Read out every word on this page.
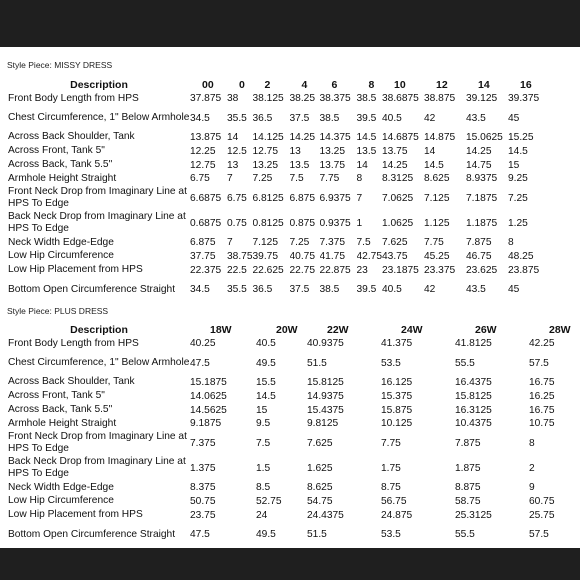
Style Piece: MISSY DRESS
Description	00	0	2	4	6	8	10	12	14	16
Front Body Length from HPS	37.875	38	38.125	38.25	38.375	38.5	38.6875	38.875	39.125	39.375
Chest Circumference, 1" Below Armhole	34.5	35.5	36.5	37.5	38.5	39.5	40.5	42	43.5	45
Across Back Shoulder, Tank	13.875	14	14.125	14.25	14.375	14.5	14.6875	14.875	15.0625	15.25
Across Front, Tank 5"	12.25	12.5	12.75	13	13.25	13.5	13.75	14	14.25	14.5
Across Back, Tank 5.5"	12.75	13	13.25	13.5	13.75	14	14.25	14.5	14.75	15
Armhole Height Straight	6.75	7	7.25	7.5	7.75	8	8.3125	8.625	8.9375	9.25
Front Neck Drop from Imaginary Line at HPS To Edge	6.6875	6.75	6.8125	6.875	6.9375	7	7.0625	7.125	7.1875	7.25
Back Neck Drop from Imaginary Line at HPS To Edge	0.6875	0.75	0.8125	0.875	0.9375	1	1.0625	1.125	1.1875	1.25
Neck Width Edge-Edge	6.875	7	7.125	7.25	7.375	7.5	7.625	7.75	7.875	8
Low Hip Circumference	37.75	38.75	39.75	40.75	41.75	42.75	43.75	45.25	46.75	48.25
Low Hip Placement from HPS	22.375	22.5	22.625	22.75	22.875	23	23.1875	23.375	23.625	23.875
Bottom Open Circumference Straight	34.5	35.5	36.5	37.5	38.5	39.5	40.5	42	43.5	45
Style Piece: PLUS DRESS
Description	18W	20W	22W	24W	26W	28W
Front Body Length from HPS	40.25	40.5	40.9375	41.375	41.8125	42.25
Chest Circumference, 1" Below Armhole	47.5	49.5	51.5	53.5	55.5	57.5
Across Back Shoulder, Tank	15.1875	15.5	15.8125	16.125	16.4375	16.75
Across Front, Tank 5"	14.0625	14.5	14.9375	15.375	15.8125	16.25
Across Back, Tank 5.5"	14.5625	15	15.4375	15.875	16.3125	16.75
Armhole Height Straight	9.1875	9.5	9.8125	10.125	10.4375	10.75
Front Neck Drop from Imaginary Line at HPS To Edge	7.375	7.5	7.625	7.75	7.875	8
Back Neck Drop from Imaginary Line at HPS To Edge	1.375	1.5	1.625	1.75	1.875	2
Neck Width Edge-Edge	8.375	8.5	8.625	8.75	8.875	9
Low Hip Circumference	50.75	52.75	54.75	56.75	58.75	60.75
Low Hip Placement from HPS	23.75	24	24.4375	24.875	25.3125	25.75
Bottom Open Circumference Straight	47.5	49.5	51.5	53.5	55.5	57.5
